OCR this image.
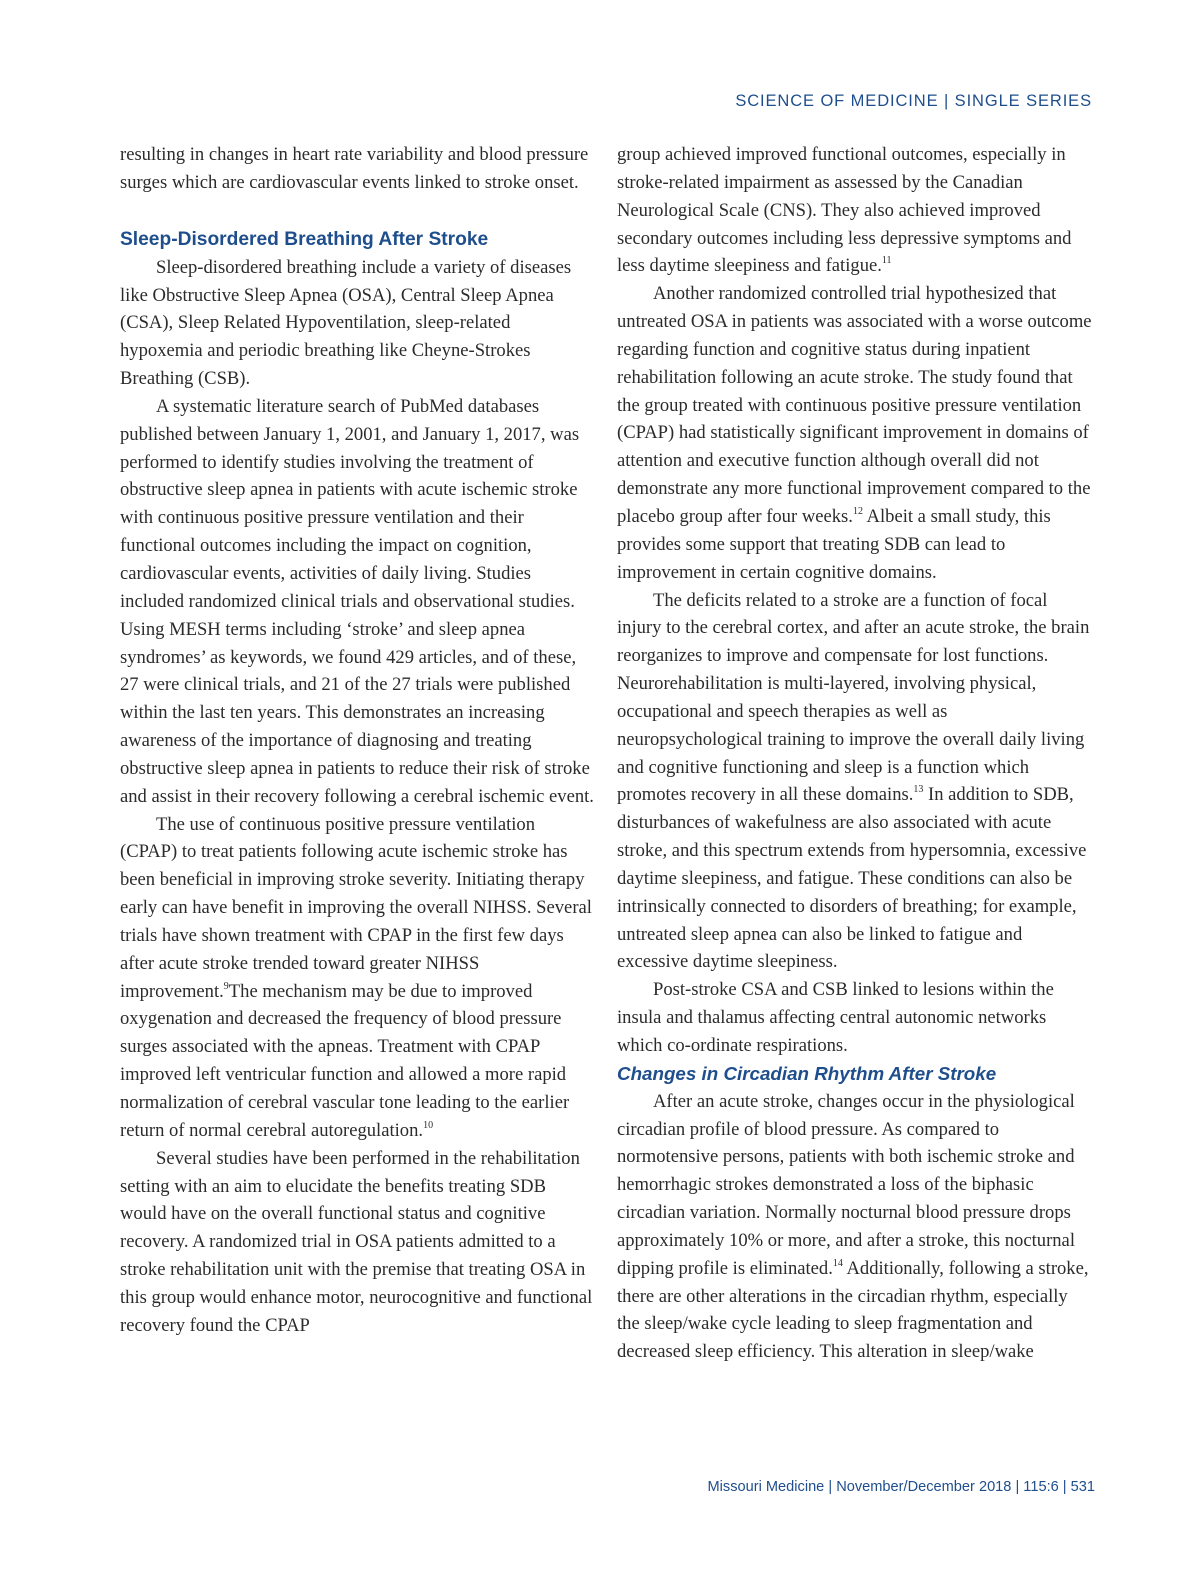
SCIENCE OF MEDICINE | SINGLE SERIES

resulting in changes in heart rate variability and blood pressure surges which are cardiovascular events linked to stroke onset.

Sleep-Disordered Breathing After Stroke

Sleep-disordered breathing include a variety of diseases like Obstructive Sleep Apnea (OSA), Central Sleep Apnea (CSA), Sleep Related Hypoventilation, sleep-related hypoxemia and periodic breathing like Cheyne-Strokes Breathing (CSB).

A systematic literature search of PubMed databases published between January 1, 2001, and January 1, 2017, was performed to identify studies involving the treatment of obstructive sleep apnea in patients with acute ischemic stroke with continuous positive pressure ventilation and their functional outcomes including the impact on cognition, cardiovascular events, activities of daily living. Studies included randomized clinical trials and observational studies. Using MESH terms including ‘stroke’ and sleep apnea syndromes’ as keywords, we found 429 articles, and of these, 27 were clinical trials, and 21 of the 27 trials were published within the last ten years. This demonstrates an increasing awareness of the importance of diagnosing and treating obstructive sleep apnea in patients to reduce their risk of stroke and assist in their recovery following a cerebral ischemic event.

The use of continuous positive pressure ventilation (CPAP) to treat patients following acute ischemic stroke has been beneficial in improving stroke severity. Initiating therapy early can have benefit in improving the overall NIHSS. Several trials have shown treatment with CPAP in the first few days after acute stroke trended toward greater NIHSS improvement.$^9$The mechanism may be due to improved oxygenation and decreased the frequency of blood pressure surges associated with the apneas. Treatment with CPAP improved left ventricular function and allowed a more rapid normalization of cerebral vascular tone leading to the earlier return of normal cerebral autoregulation.$^{10}$

Several studies have been performed in the rehabilitation setting with an aim to elucidate the benefits treating SDB would have on the overall functional status and cognitive recovery. A randomized trial in OSA patients admitted to a stroke rehabilitation unit with the premise that treating OSA in this group would enhance motor, neurocognitive and functional recovery found the CPAP

group achieved improved functional outcomes, especially in stroke-related impairment as assessed by the Canadian Neurological Scale (CNS). They also achieved improved secondary outcomes including less depressive symptoms and less daytime sleepiness and fatigue.$^{11}$

Another randomized controlled trial hypothesized that untreated OSA in patients was associated with a worse outcome regarding function and cognitive status during inpatient rehabilitation following an acute stroke. The study found that the group treated with continuous positive pressure ventilation (CPAP) had statistically significant improvement in domains of attention and executive function although overall did not demonstrate any more functional improvement compared to the placebo group after four weeks.$^{12}$ Albeit a small study, this provides some support that treating SDB can lead to improvement in certain cognitive domains.

The deficits related to a stroke are a function of focal injury to the cerebral cortex, and after an acute stroke, the brain reorganizes to improve and compensate for lost functions. Neurorehabilitation is multi-layered, involving physical, occupational and speech therapies as well as neuropsychological training to improve the overall daily living and cognitive functioning and sleep is a function which promotes recovery in all these domains.$^{13}$ In addition to SDB, disturbances of wakefulness are also associated with acute stroke, and this spectrum extends from hypersomnia, excessive daytime sleepiness, and fatigue. These conditions can also be intrinsically connected to disorders of breathing; for example, untreated sleep apnea can also be linked to fatigue and excessive daytime sleepiness.

Post-stroke CSA and CSB linked to lesions within the insula and thalamus affecting central autonomic networks which co-ordinate respirations.

Changes in Circadian Rhythm After Stroke

After an acute stroke, changes occur in the physiological circadian profile of blood pressure. As compared to normotensive persons, patients with both ischemic stroke and hemorrhagic strokes demonstrated a loss of the biphasic circadian variation. Normally nocturnal blood pressure drops approximately 10% or more, and after a stroke, this nocturnal dipping profile is eliminated.$^{14}$ Additionally, following a stroke, there are other alterations in the circadian rhythm, especially the sleep/wake cycle leading to sleep fragmentation and decreased sleep efficiency. This alteration in sleep/wake

Missouri Medicine | November/December 2018 | 115:6 | 531
